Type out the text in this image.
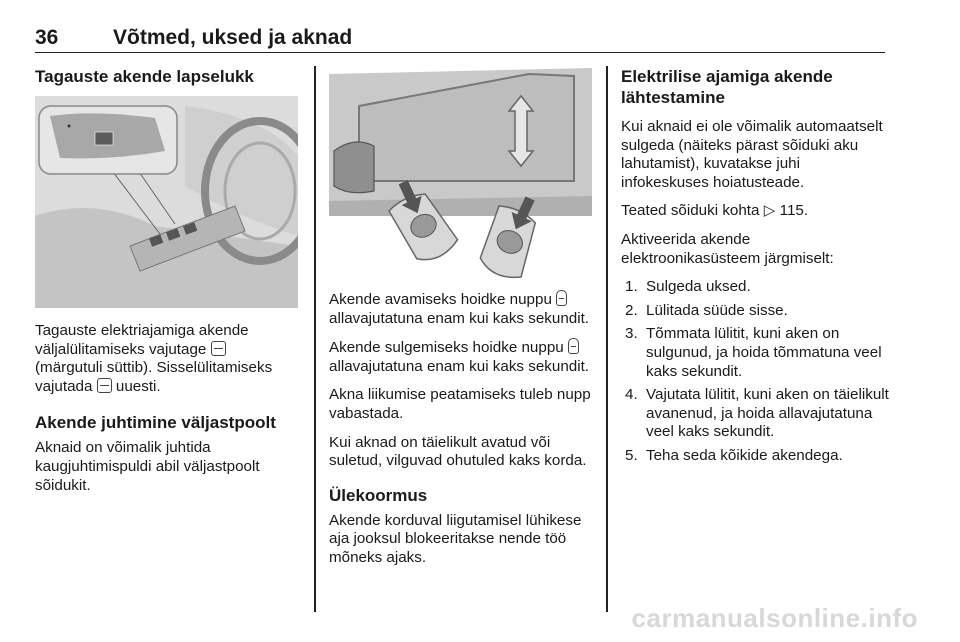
36	Võtmed, uksed ja aknad
Tagauste akende lapselukk

Tagauste elektriajamiga akende väljalülitamiseks vajutage  (märgutuli süttib). Sisselülitamiseks vajutada uuesti.

Akende juhtimine väljastpoolt

Aknaid on võimalik juhtida kaugjuhtimispuldi abil väljastpoolt sõidukit.

Akende avamiseks hoidke nuppu  allavajutatuna enam kui kaks sekundit.

Akende sulgemiseks hoidke nuppu  allavajutatuna enam kui kaks sekundit.

Akna liikumise peatamiseks tuleb nupp vabastada.

Kui aknad on täielikult avatud või suletud, vilguvad ohutuled kaks korda.

Ülekoormus

Akende korduval liigutamisel lühikese aja jooksul blokeeritakse nende töö mõneks ajaks.

Elektrilise ajamiga akende lähtestamine

Kui aknaid ei ole võimalik automaatselt sulgeda (näiteks pärast sõiduki aku lahutamist), kuvatakse juhi infokeskuses hoiatusteade.

Teated sõiduki kohta ▷ 115.

Aktiveerida akende elektroonikasüsteem järgmiselt:

1. Sulgeda uksed.
2. Lülitada süüde sisse.
3. Tõmmata lülitit, kuni aken on sulgunud, ja hoida tõmmatuna veel kaks sekundit.
4. Vajutata lülitit, kuni aken on täielikult avanenud, ja hoida allavajutatuna veel kaks sekundit.
5. Teha seda kõikide akendega.
carmanualsonline.info
